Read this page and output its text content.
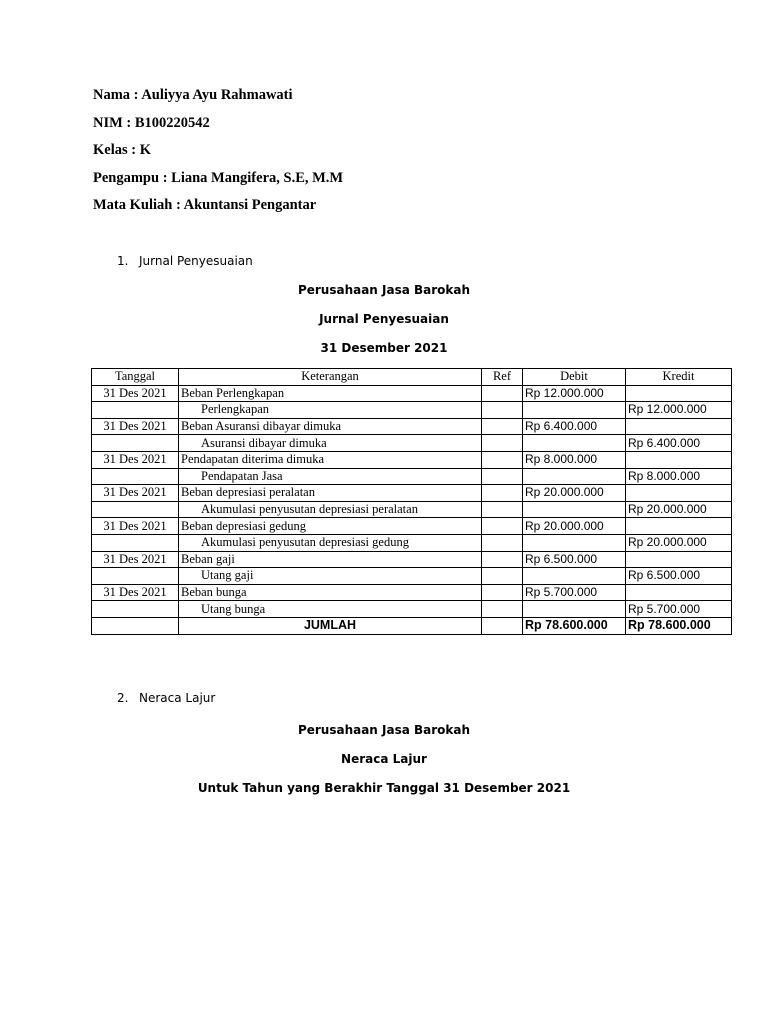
Nama : Auliyya Ayu Rahmawati
NIM : B100220542
Kelas : K
Pengampu : Liana Mangifera, S.E, M.M
Mata Kuliah : Akuntansi Pengantar
1. Jurnal Penyesuaian
Perusahaan Jasa Barokah
Jurnal Penyesuaian
31 Desember 2021
Tanggal	Keterangan	Ref	Debit	Kredit
31 Des 2021	Beban Perlengkapan		Rp 12.000.000	
	Perlengkapan			Rp 12.000.000
31 Des 2021	Beban Asuransi dibayar dimuka		Rp 6.400.000	
	Asuransi dibayar dimuka			Rp 6.400.000
31 Des 2021	Pendapatan diterima dimuka		Rp 8.000.000	
	Pendapatan Jasa			Rp 8.000.000
31 Des 2021	Beban depresiasi peralatan		Rp 20.000.000	
	Akumulasi penyusutan depresiasi peralatan			Rp 20.000.000
31 Des 2021	Beban depresiasi gedung		Rp 20.000.000	
	Akumulasi penyusutan depresiasi gedung			Rp 20.000.000
31 Des 2021	Beban gaji		Rp 6.500.000	
	Utang gaji			Rp 6.500.000
31 Des 2021	Beban bunga		Rp 5.700.000	
	Utang bunga			Rp 5.700.000
	JUMLAH		Rp 78.600.000	Rp 78.600.000
2. Neraca Lajur
Perusahaan Jasa Barokah
Neraca Lajur
Untuk Tahun yang Berakhir Tanggal 31 Desember 2021
